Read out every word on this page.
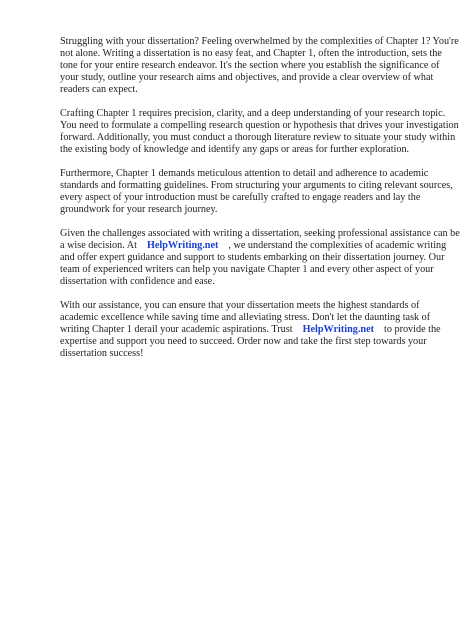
Struggling with your dissertation? Feeling overwhelmed by the complexities of Chapter 1? You're not alone. Writing a dissertation is no easy feat, and Chapter 1, often the introduction, sets the tone for your entire research endeavor. It's the section where you establish the significance of your study, outline your research aims and objectives, and provide a clear overview of what readers can expect.

Crafting Chapter 1 requires precision, clarity, and a deep understanding of your research topic. You need to formulate a compelling research question or hypothesis that drives your investigation forward. Additionally, you must conduct a thorough literature review to situate your study within the existing body of knowledge and identify any gaps or areas for further exploration.

Furthermore, Chapter 1 demands meticulous attention to detail and adherence to academic standards and formatting guidelines. From structuring your arguments to citing relevant sources, every aspect of your introduction must be carefully crafted to engage readers and lay the groundwork for your research journey.

Given the challenges associated with writing a dissertation, seeking professional assistance can be a wise decision. At HelpWriting.net , we understand the complexities of academic writing and offer expert guidance and support to students embarking on their dissertation journey. Our team of experienced writers can help you navigate Chapter 1 and every other aspect of your dissertation with confidence and ease.

With our assistance, you can ensure that your dissertation meets the highest standards of academic excellence while saving time and alleviating stress. Don't let the daunting task of writing Chapter 1 derail your academic aspirations. Trust HelpWriting.net to provide the expertise and support you need to succeed. Order now and take the first step towards your dissertation success!
